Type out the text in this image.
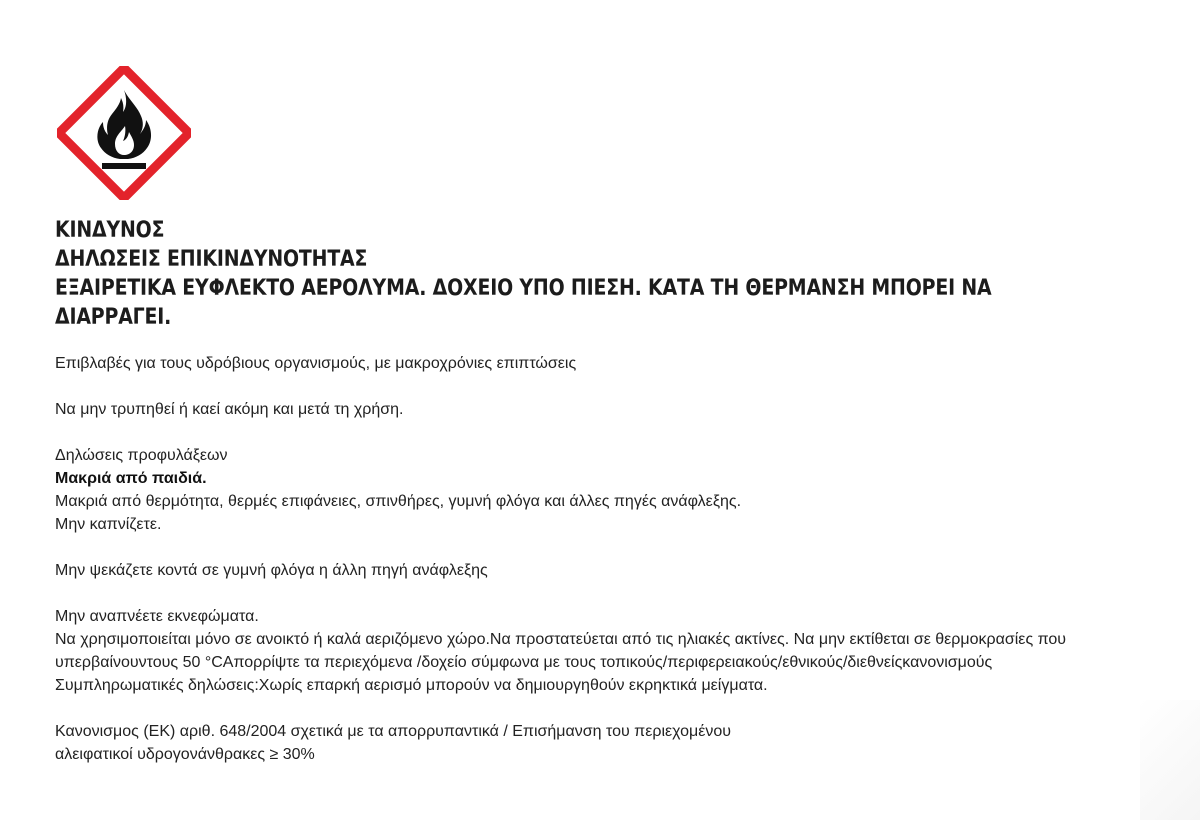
ΚΙΝΔΥΝΟΣ
ΔΗΛΩΣΕΙΣ ΕΠΙΚΙΝΔΥΝΟΤΗΤΑΣ
ΕΞΑΙΡΕΤΙΚΑ ΕΥΦΛΕΚΤΟ ΑΕΡΟΛΥΜΑ. ΔΟΧΕΙΟ ΥΠΟ ΠΙΕΣΗ. ΚΑΤΑ ΤΗ ΘΕΡΜΑΝΣΗ ΜΠΟΡΕΙ ΝΑ
ΔΙΑΡΡΑΓΕΙ.
Επιβλαβές για τους υδρόβιους οργανισμούς, με μακροχρόνιες επιπτώσεις
Να μην τρυπηθεί ή καεί ακόμη και μετά τη χρήση.
Δηλώσεις προφυλάξεων
Μακριά από παιδιά.
Μακριά από θερμότητα, θερμές επιφάνειες, σπινθήρες, γυμνή φλόγα και άλλες πηγές ανάφλεξης.
Μην καπνίζετε.
Μην ψεκάζετε κοντά σε γυμνή φλόγα η άλλη πηγή ανάφλεξης
Μην αναπνέετε εκνεφώματα.
Να χρησιμοποιείται μόνο σε ανοικτό ή καλά αεριζόμενο χώρο.Να προστατεύεται από τις ηλιακές ακτίνες. Να μην εκτίθεται σε θερμοκρασίες που
υπερβαίνουντους 50 °CΑπορρίψτε τα περιεχόμενα /δοχείο σύμφωνα με τους τοπικούς/περιφερειακούς/εθνικούς/διεθνείςκανονισμούς
Συμπληρωματικές δηλώσεις:Χωρίς επαρκή αερισμό μπορούν να δημιουργηθούν εκρηκτικά μείγματα.
Κανονισμος (ΕΚ) αριθ. 648/2004 σχετικά με τα απορρυπαντικά / Επισήμανση του περιεχομένου
αλειφατικοί υδρογονάνθρακες ≥ 30%
